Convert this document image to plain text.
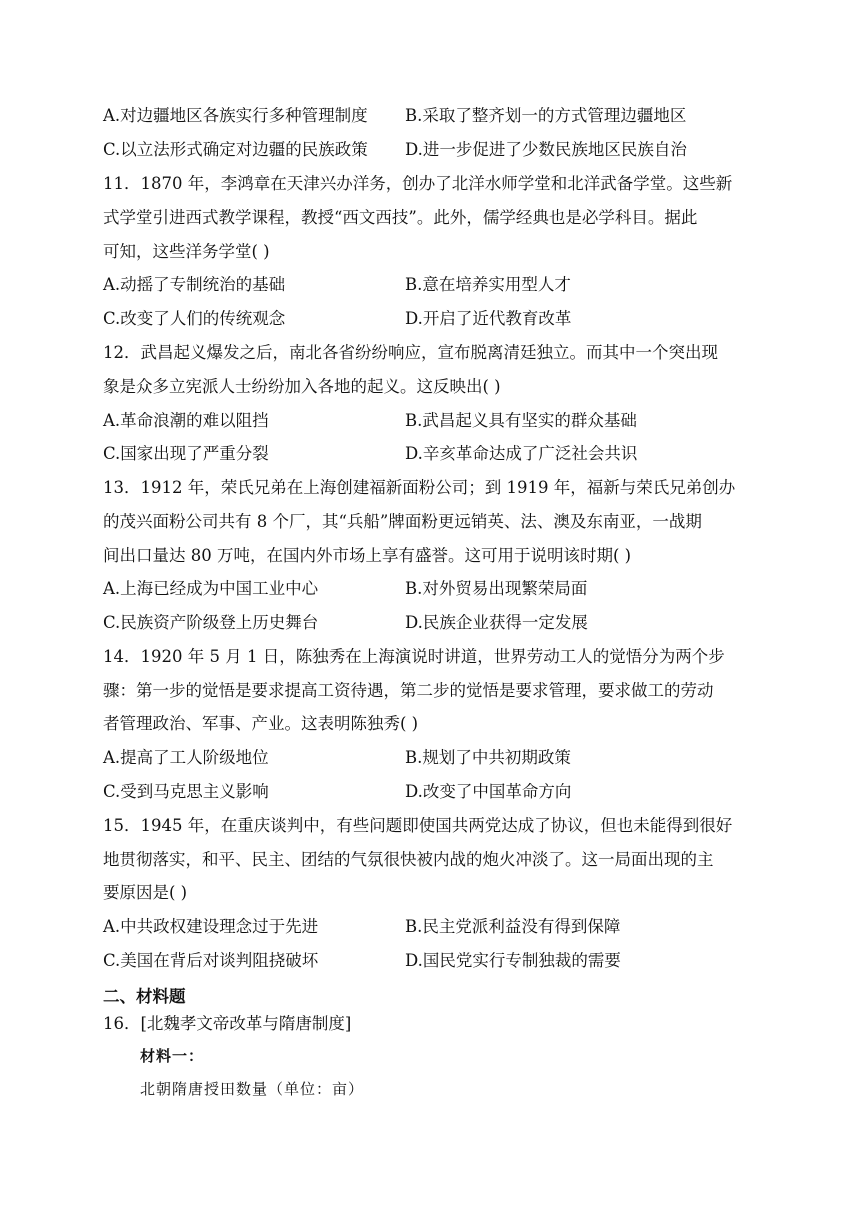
A.对边疆地区各族实行多种管理制度 B.采取了整齐划一的方式管理边疆地区
C.以立法形式确定对边疆的民族政策 D.进一步促进了少数民族地区民族自治
11．1870 年，李鸿章在天津兴办洋务，创办了北洋水师学堂和北洋武备学堂。这些新
式学堂引进西式教学课程，教授“西文西技”。此外，儒学经典也是必学科目。据此
可知，这些洋务学堂( )
A.动摇了专制统治的基础	B.意在培养实用型人才
C.改变了人们的传统观念	D.开启了近代教育改革
12．武昌起义爆发之后，南北各省纷纷响应，宣布脱离清廷独立。而其中一个突出现
象是众多立宪派人士纷纷加入各地的起义。这反映出( )
A.革命浪潮的难以阻挡	B.武昌起义具有坚实的群众基础
C.国家出现了严重分裂	D.辛亥革命达成了广泛社会共识
13．1912 年，荣氏兄弟在上海创建福新面粉公司；到 1919 年，福新与荣氏兄弟创办
的茂兴面粉公司共有 8 个厂，其“兵船”牌面粉更远销英、法、澳及东南亚，一战期
间出口量达 80 万吨，在国内外市场上享有盛誉。这可用于说明该时期( )
A.上海已经成为中国工业中心	B.对外贸易出现繁荣局面
C.民族资产阶级登上历史舞台	D.民族企业获得一定发展
14．1920 年 5 月 1 日，陈独秀在上海演说时讲道，世界劳动工人的觉悟分为两个步
骤：第一步的觉悟是要求提高工资待遇，第二步的觉悟是要求管理，要求做工的劳动
者管理政治、军事、产业。这表明陈独秀( )
A.提高了工人阶级地位	B.规划了中共初期政策
C.受到马克思主义影响	D.改变了中国革命方向
15．1945 年，在重庆谈判中，有些问题即使国共两党达成了协议，但也未能得到很好
地贯彻落实，和平、民主、团结的气氛很快被内战的炮火冲淡了。这一局面出现的主
要原因是( )
A.中共政权建设理念过于先进	B.民主党派利益没有得到保障
C.美国在背后对谈判阻挠破坏	D.国民党实行专制独裁的需要
二、材料题
16．[北魏孝文帝改革与隋唐制度]
材料一：
北朝隋唐授田数量（单位：亩）
